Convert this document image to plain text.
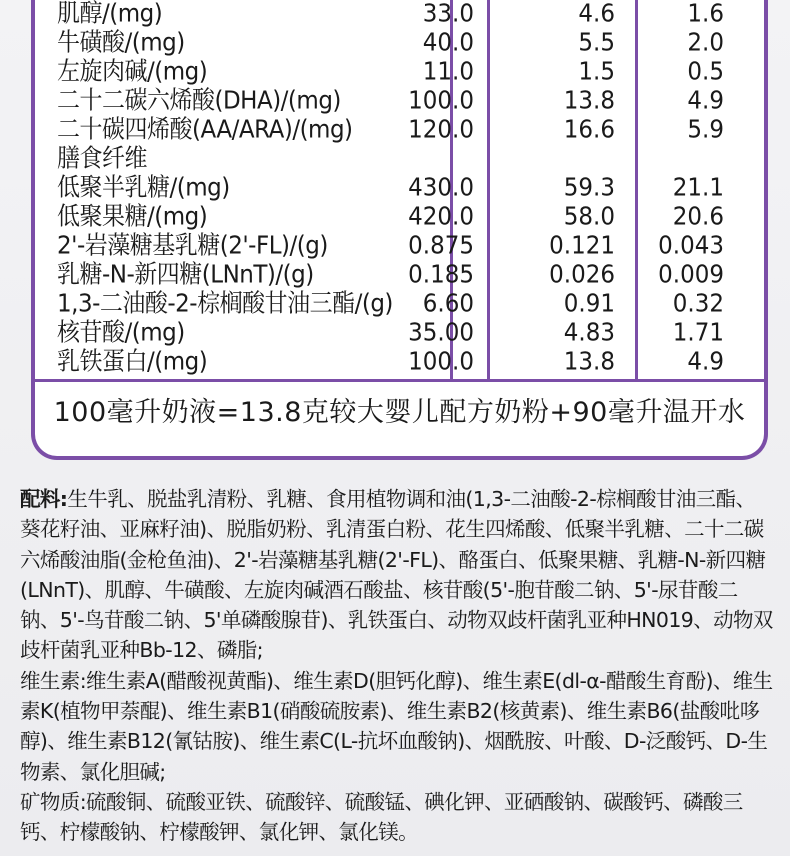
肌醇/(mg)	33.0	4.6	1.6
牛磺酸/(mg)	40.0	5.5	2.0
左旋肉碱/(mg)	11.0	1.5	0.5
二十二碳六烯酸(DHA)/(mg)	100.0	13.8	4.9
二十碳四烯酸(AA/ARA)/(mg) 120.0	16.6	5.9
膳食纤维
低聚半乳糖/(mg)	430.0	59.3	21.1
低聚果糖/(mg)	420.0	58.0	20.6
2'-岩藻糖基乳糖(2'-FL)/(g)	0.875	0.121 0.043
乳糖-N-新四糖(LNnT)/(g)	0.185	0.026 0.009
1,3-二油酸-2-棕榈酸甘油三酯/(g) 6.60	0.91	0.32
核苷酸/(mg)	35.00	4.83	1.71
乳铁蛋白/(mg)	100.0	13.8	4.9
100毫升奶液=13.8克较大婴儿配方奶粉+90毫升温开水

配料:生牛乳、脱盐乳清粉、乳糖、食用植物调和油(1,3-二油酸-2-棕榈酸甘油三酯、葵花籽油、亚麻籽油)、脱脂奶粉、乳清蛋白粉、花生四烯酸、低聚半乳糖、二十二碳六烯酸油脂(金枪鱼油)、2'-岩藻糖基乳糖(2'-FL)、酪蛋白、低聚果糖、乳糖-N-新四糖(LNnT)、肌醇、牛磺酸、左旋肉碱酒石酸盐、核苷酸(5'-胞苷酸二钠、5'-尿苷酸二钠、5'-鸟苷酸二钠、5'单磷酸腺苷)、乳铁蛋白、动物双歧杆菌乳亚种HN019、动物双歧杆菌乳亚种Bb-12、磷脂;

维生素:维生素A(醋酸视黄酯)、维生素D(胆钙化醇)、维生素E(dl-α-醋酸生育酚)、维生素K(植物甲萘醌)、维生素B1(硝酸硫胺素)、维生素B2(核黄素)、维生素B6(盐酸吡哆醇)、维生素B12(氰钴胺)、维生素C(L-抗坏血酸钠)、烟酰胺、叶酸、D-泛酸钙、D-生物素、氯化胆碱;

矿物质:硫酸铜、硫酸亚铁、硫酸锌、硫酸锰、碘化钾、亚硒酸钠、碳酸钙、磷酸三钙、柠檬酸钠、柠檬酸钾、氯化钾、氯化镁。
